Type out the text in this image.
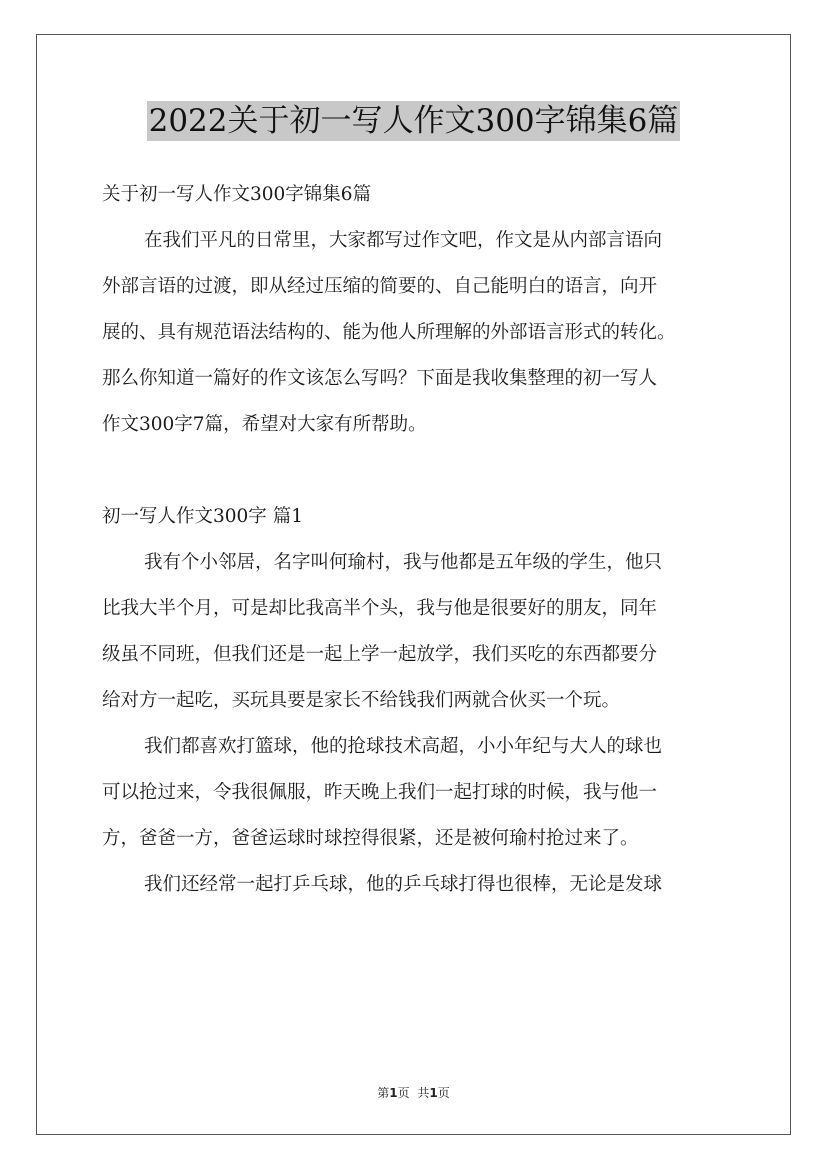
2022关于初一写人作文300字锦集6篇
关于初一写人作文300字锦集6篇
在我们平凡的日常里，大家都写过作文吧，作文是从内部言语向
外部言语的过渡，即从经过压缩的简要的、自己能明白的语言，向开
展的、具有规范语法结构的、能为他人所理解的外部语言形式的转化。
那么你知道一篇好的作文该怎么写吗？下面是我收集整理的初一写人
作文300字7篇，希望对大家有所帮助。
初一写人作文300字 篇1
我有个小邻居，名字叫何瑜村，我与他都是五年级的学生，他只
比我大半个月，可是却比我高半个头，我与他是很要好的朋友，同年
级虽不同班，但我们还是一起上学一起放学，我们买吃的东西都要分
给对方一起吃，买玩具要是家长不给钱我们两就合伙买一个玩。
我们都喜欢打篮球，他的抢球技术高超，小小年纪与大人的球也
可以抢过来，令我很佩服，昨天晚上我们一起打球的时候，我与他一
方，爸爸一方，爸爸运球时球控得很紧，还是被何瑜村抢过来了。
我们还经常一起打乒乓球，他的乒乓球打得也很棒，无论是发球
第1页 共1页
